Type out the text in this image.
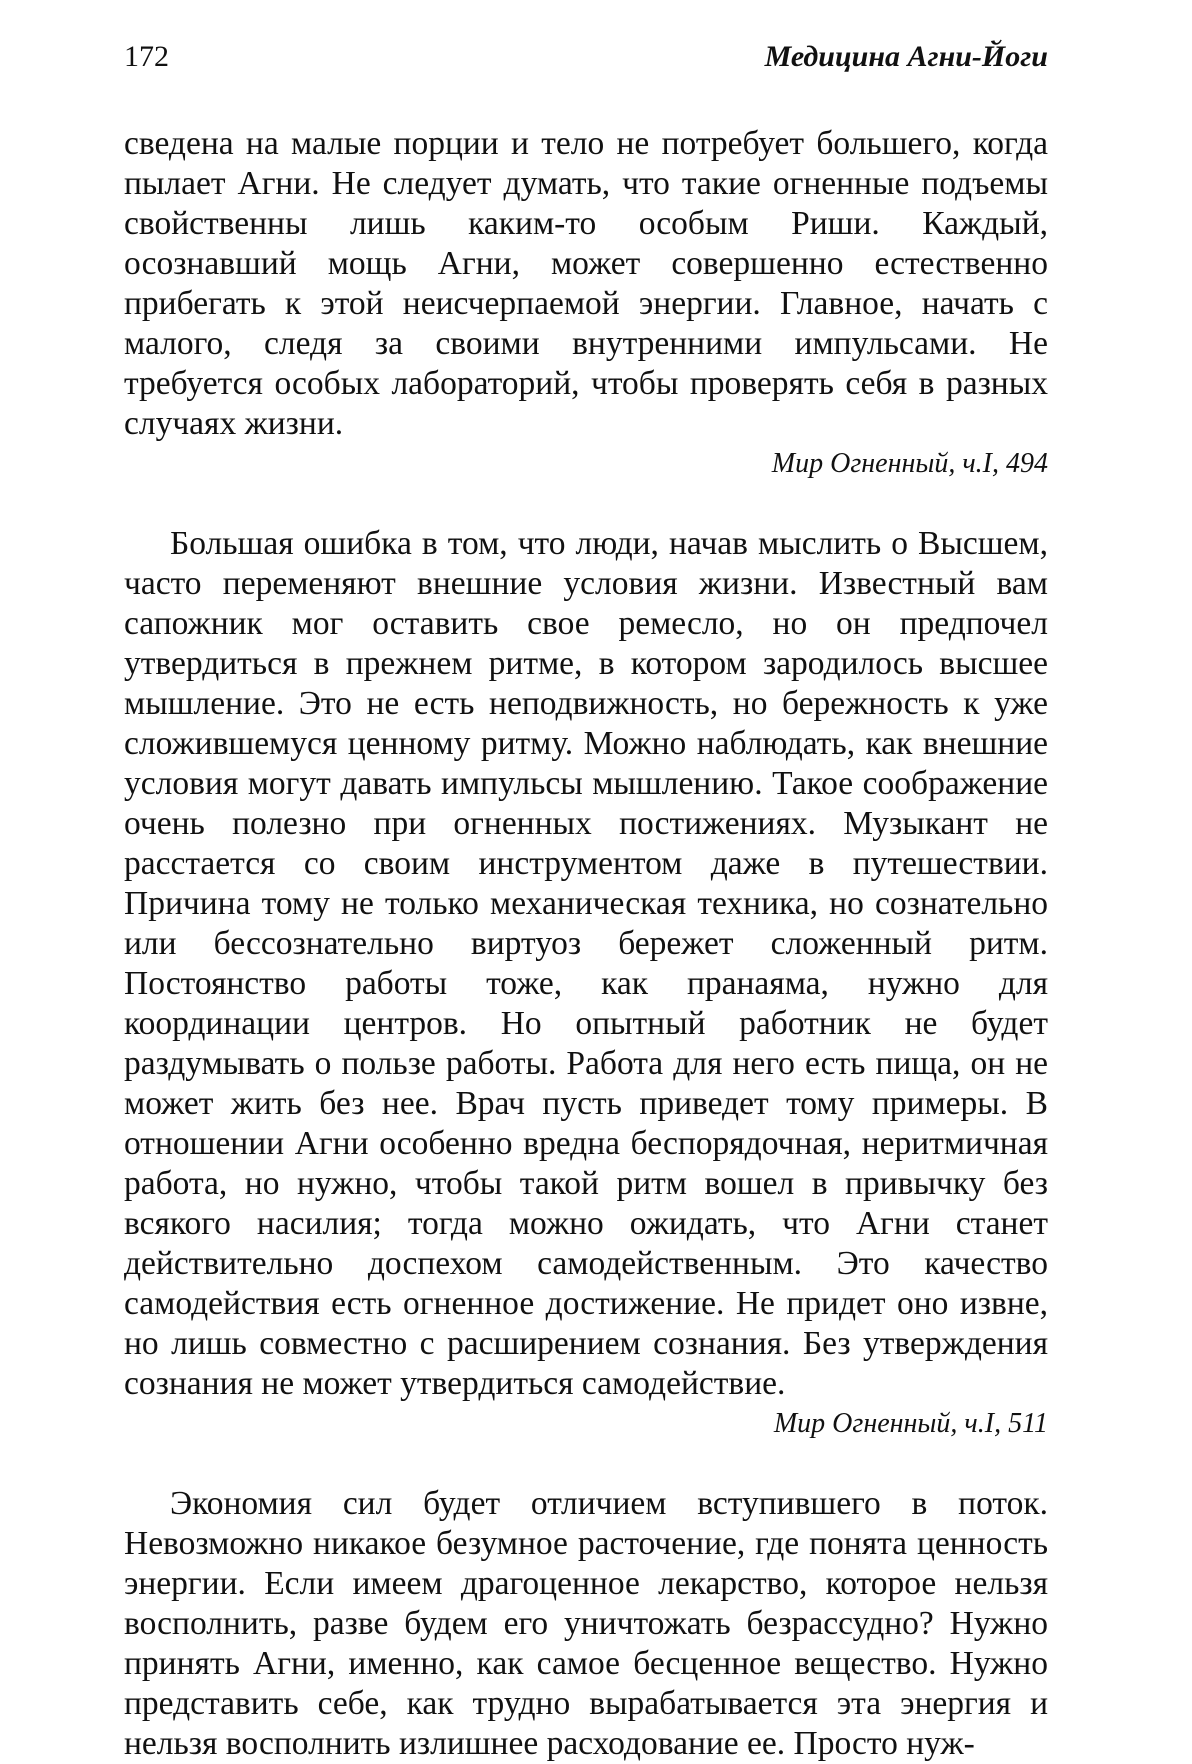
172	Медицина Агни-Йоги

сведена на малые порции и тело не потребует большего, когда пылает Агни. Не следует думать, что такие огненные подъемы свойственны лишь каким-то особым Риши. Каждый, осознавший мощь Агни, может совершенно естественно прибегать к этой неисчерпаемой энергии. Главное, начать с малого, следя за своими внутренними импульсами. Не требуется особых лабораторий, чтобы проверять себя в разных случаях жизни.

Мир Огненный, ч.I, 494

Большая ошибка в том, что люди, начав мыслить о Высшем, часто переменяют внешние условия жизни. Известный вам сапожник мог оставить свое ремесло, но он предпочел утвердиться в прежнем ритме, в котором зародилось высшее мышление. Это не есть неподвижность, но бережность к уже сложившемуся ценному ритму. Можно наблюдать, как внешние условия могут давать импульсы мышлению. Такое соображение очень полезно при огненных постижениях. Музыкант не расстается со своим инструментом даже в путешествии. Причина тому не только механическая техника, но сознательно или бессознательно виртуоз бережет сложенный ритм. Постоянство работы тоже, как пранаяма, нужно для координации центров. Но опытный работник не будет раздумывать о пользе работы. Работа для него есть пища, он не может жить без нее. Врач пусть приведет тому примеры. В отношении Агни особенно вредна беспорядочная, неритмичная работа, но нужно, чтобы такой ритм вошел в привычку без всякого насилия; тогда можно ожидать, что Агни станет действительно доспехом самодейственным. Это качество самодействия есть огненное достижение. Не придет оно извне, но лишь совместно с расширением сознания. Без утверждения сознания не может утвердиться самодействие.

Мир Огненный, ч.I, 511

Экономия сил будет отличием вступившего в поток. Невозможно никакое безумное расточение, где понята ценность энергии. Если имеем драгоценное лекарство, которое нельзя восполнить, разве будем его уничтожать безрассудно? Нужно принять Агни, именно, как самое бесценное вещество. Нужно представить себе, как трудно вырабатывается эта энергия и нельзя восполнить излишнее расходование ее. Просто нуж-
